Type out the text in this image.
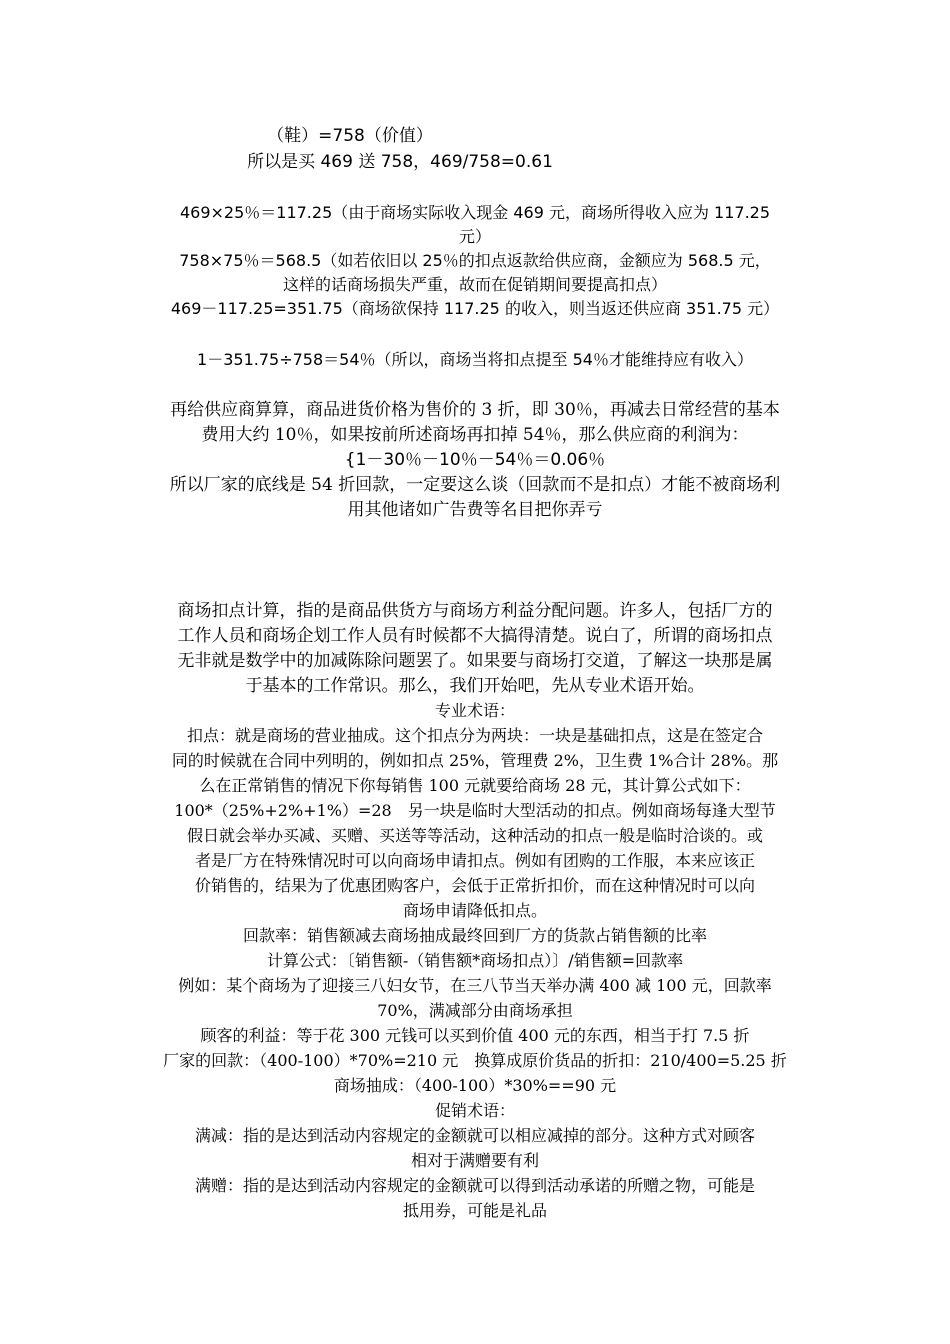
（鞋）=758（价值）
所以是买 469 送 758，469/758=0.61
469×25％＝117.25（由于商场实际收入现金 469 元，商场所得收入应为 117.25
元）
758×75％＝568.5（如若依旧以 25％的扣点返款给供应商，金额应为 568.5 元，
这样的话商场损失严重，故而在促销期间要提高扣点）
469－117.25=351.75（商场欲保持 117.25 的收入，则当返还供应商 351.75 元）
1－351.75÷758＝54％（所以，商场当将扣点提至 54％才能维持应有收入）
再给供应商算算，商品进货价格为售价的 3 折，即 30％，再减去日常经营的基本
费用大约 10％，如果按前所述商场再扣掉 54％，那么供应商的利润为：
{1－30％－10％－54％＝0.06％
所以厂家的底线是 54 折回款，一定要这么谈（回款而不是扣点）才能不被商场利
用其他诸如广告费等名目把你弄亏
商场扣点计算，指的是商品供货方与商场方利益分配问题。许多人，包括厂方的
工作人员和商场企划工作人员有时候都不大搞得清楚。说白了，所谓的商场扣点
无非就是数学中的加减陈除问题罢了。如果要与商场打交道，了解这一块那是属
于基本的工作常识。那么，我们开始吧，先从专业术语开始。
专业术语：
扣点：就是商场的营业抽成。这个扣点分为两块：一块是基础扣点，这是在签定合
同的时候就在合同中列明的，例如扣点 25%，管理费 2%，卫生费 1%合计 28%。那
么在正常销售的情况下你每销售 100 元就要给商场 28 元，其计算公式如下：
100*（25%+2%+1%）=28　另一块是临时大型活动的扣点。例如商场每逢大型节
假日就会举办买减、买赠、买送等等活动，这种活动的扣点一般是临时洽谈的。或
者是厂方在特殊情况时可以向商场申请扣点。例如有团购的工作服，本来应该正
价销售的，结果为了优惠团购客户，会低于正常折扣价，而在这种情况时可以向
商场申请降低扣点。
回款率：销售额减去商场抽成最终回到厂方的货款占销售额的比率
计算公式：〔销售额-（销售额*商场扣点）〕/销售额=回款率
例如：某个商场为了迎接三八妇女节，在三八节当天举办满 400 减 100 元，回款率
70%，满减部分由商场承担
顾客的利益：等于花 300 元钱可以买到价值 400 元的东西，相当于打 7.5 折
厂家的回款：（400-100）*70%=210 元　换算成原价货品的折扣：210/400=5.25 折
商场抽成：（400-100）*30%==90 元
促销术语：
满减：指的是达到活动内容规定的金额就可以相应减掉的部分。这种方式对顾客
相对于满赠要有利
满赠：指的是达到活动内容规定的金额就可以得到活动承诺的所赠之物，可能是
抵用券，可能是礼品
